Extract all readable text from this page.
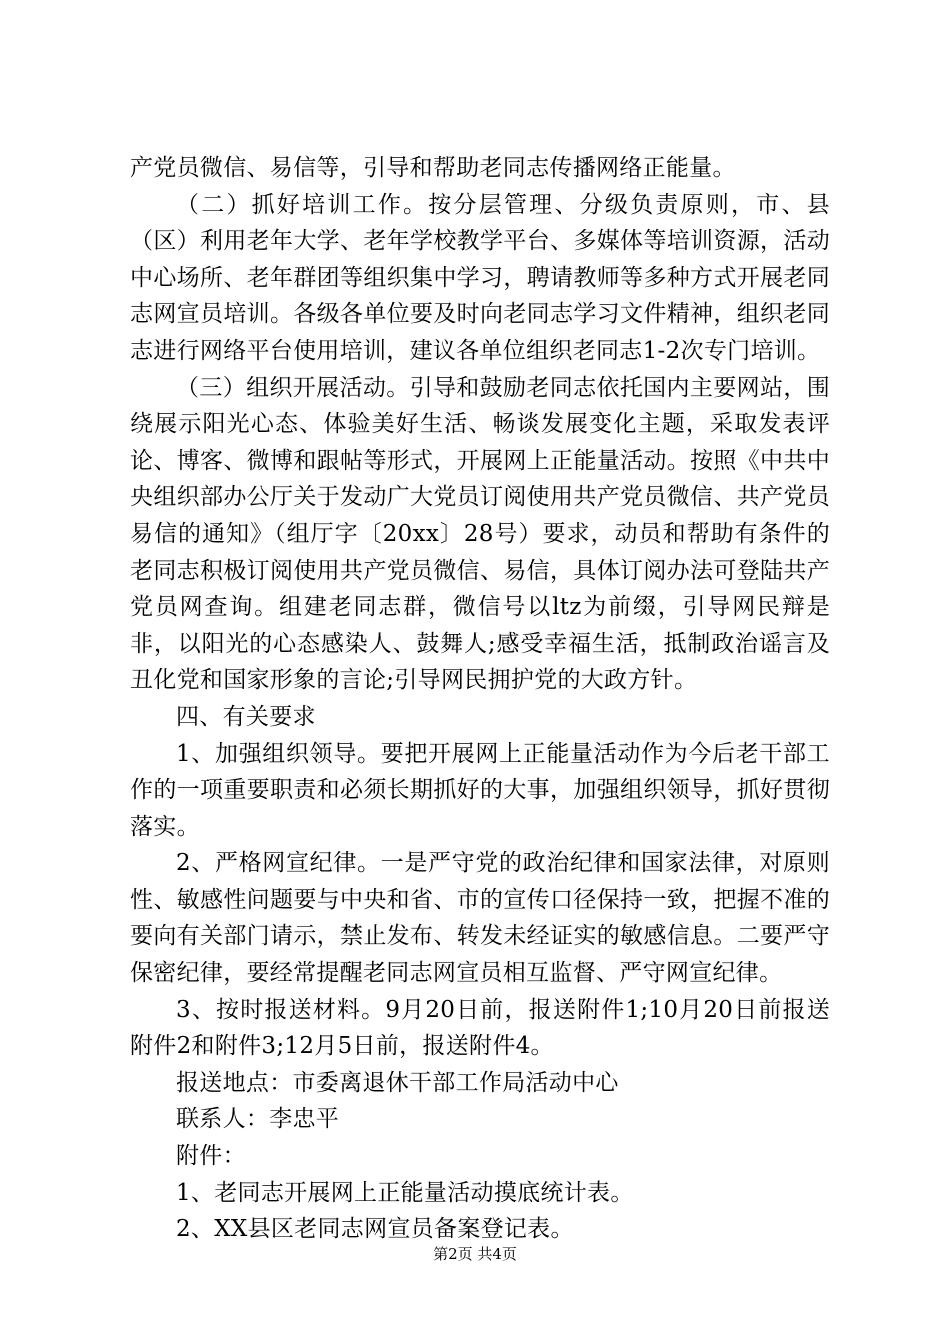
产党员微信、易信等，引导和帮助老同志传播网络正能量。

（二）抓好培训工作。按分层管理、分级负责原则，市、县（区）利用老年大学、老年学校教学平台、多媒体等培训资源，活动中心场所、老年群团等组织集中学习，聘请教师等多种方式开展老同志网宣员培训。各级各单位要及时向老同志学习文件精神，组织老同志进行网络平台使用培训，建议各单位组织老同志1-2次专门培训。

（三）组织开展活动。引导和鼓励老同志依托国内主要网站，围绕展示阳光心态、体验美好生活、畅谈发展变化主题，采取发表评论、博客、微博和跟帖等形式，开展网上正能量活动。按照《中共中央组织部办公厅关于发动广大党员订阅使用共产党员微信、共产党员易信的通知》（组厅字〔20xx〕28号）要求，动员和帮助有条件的老同志积极订阅使用共产党员微信、易信，具体订阅办法可登陆共产党员网查询。组建老同志群，微信号以ltz为前缀，引导网民辩是非，以阳光的心态感染人、鼓舞人;感受幸福生活，抵制政治谣言及丑化党和国家形象的言论;引导网民拥护党的大政方针。

四、有关要求

1、加强组织领导。要把开展网上正能量活动作为今后老干部工作的一项重要职责和必须长期抓好的大事，加强组织领导，抓好贯彻落实。

2、严格网宣纪律。一是严守党的政治纪律和国家法律，对原则性、敏感性问题要与中央和省、市的宣传口径保持一致，把握不准的要向有关部门请示，禁止发布、转发未经证实的敏感信息。二要严守保密纪律，要经常提醒老同志网宣员相互监督、严守网宣纪律。

3、按时报送材料。9月20日前，报送附件1;10月20日前报送附件2和附件3;12月5日前，报送附件4。

报送地点：市委离退休干部工作局活动中心

联系人：李忠平

附件：

1、老同志开展网上正能量活动摸底统计表。

2、XX县区老同志网宣员备案登记表。

第2页 共4页
